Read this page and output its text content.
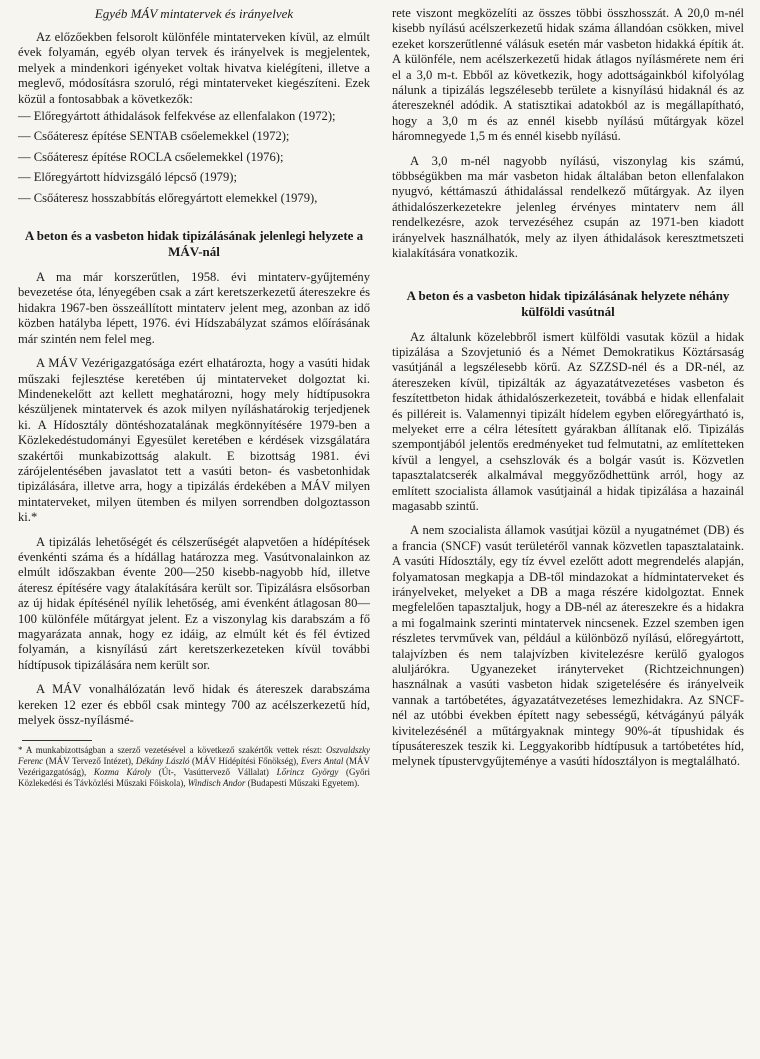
Egyéb MÁV mintatervek és irányelvek

Az előzőekben felsorolt különféle mintaterveken kívül, az elmúlt évek folyamán, egyéb olyan tervek és irányelvek is megjelentek, melyek a mindenkori igényeket voltak hivatva kielégíteni, illetve a meglevő, módosításra szoruló, régi mintaterveket kiegészíteni. Ezek közül a fontosabbak a következők:

— Előregyártott áthidalások felfekvése az ellenfalakon (1972);
— Csőáteresz építése SENTAB csőelemekkel (1972);
— Csőáteresz építése ROCLA csőelemekkel (1976);
— Előregyártott hídvizsgáló lépcső (1979);
— Csőáteresz hosszabbítás előregyártott elemekkel (1979),
A beton és a vasbeton hidak tipizálásának jelenlegi helyzete a MÁV-nál

A ma már korszerűtlen, 1958. évi mintaterv-gyűjtemény bevezetése óta, lényegében csak a zárt keretszerkezetű átereszekre és hidakra 1967-ben összeállított mintaterv jelent meg, azonban az idő közben hatályba lépett, 1976. évi Hídszabályzat számos előírásának már szintén nem felel meg.

A MÁV Vezérigazgatósága ezért elhatározta, hogy a vasúti hidak műszaki fejlesztése keretében új mintaterveket dolgoztat ki. Mindenekelőtt azt kellett meghatározni, hogy mely hídtípusokra készüljenek mintatervek és azok milyen nyíláshatárokig terjedjenek ki. A Hídosztály döntéshozatalának megkönnyítésére 1979-ben a Közlekedéstudományi Egyesület keretében e kérdések vizsgálatára szakértői munkabizottság alakult. E bizottság 1981. évi zárójelentésében javaslatot tett a vasúti beton- és vasbetonhidak tipizálására, illetve arra, hogy a tipizálás érdekében a MÁV milyen mintaterveket, milyen ütemben és milyen sorrendben dolgoztasson ki.*

A tipizálás lehetőségét és célszerűségét alapvetően a hídépítések évenkénti száma és a hídállag határozza meg. Vasútvonalainkon az elmúlt időszakban évente 200—250 kisebb-nagyobb híd, illetve áteresz építésére vagy átalakítására került sor. Tipizálásra elsősorban az új hidak építésénél nyílik lehetőség, ami évenként átlagosan 80—100 különféle műtárgyat jelent. Ez a viszonylag kis darabszám a fő magyarázata annak, hogy ez idáig, az elmúlt két és fél évtized folyamán, a kisnyílású zárt keretszerkezeteken kívül további hídtípusok tipizálására nem került sor.

A MÁV vonalhálózatán levő hidak és átereszek darabszáma kereken 12 ezer és ebből csak mintegy 700 az acélszerkezetű híd, melyek össz-nyílásmé-

* A munkabizottságban a szerző vezetésével a következő szakértők vettek részt: Oszvaldszky Ferenc (MÁV Tervező Intézet), Dékány László (MÁV Hídépítési Főnökség), Evers Antal (MÁV Vezérigazgatóság), Kozma Károly (Út-, Vasúttervező Vállalat) Lőrincz György (Győri Közlekedési és Távközlési Műszaki Főiskola), Windisch Andor (Budapesti Műszaki Egyetem).

rete viszont megközelíti az összes többi összhosszát. A 20,0 m-nél kisebb nyílású acélszerkezetű hidak száma állandóan csökken, mivel ezeket korszerűtlenné válásuk esetén már vasbeton hidakká építik át. A különféle, nem acélszerkezetű hidak átlagos nyílásmérete nem éri el a 3,0 m-t. Ebből az következik, hogy adottságainkból kifolyólag nálunk a tipizálás legszélesebb területe a kisnyílású hidaknál és az átereszeknél adódik. A statisztikai adatokból az is megállapítható, hogy a 3,0 m és az ennél kisebb nyílású műtárgyak közel háromnegyede 1,5 m és ennél kisebb nyílású.

A 3,0 m-nél nagyobb nyílású, viszonylag kis számú, többségükben ma már vasbeton hidak általában beton ellenfalakon nyugvó, kéttámaszú áthidalással rendelkező műtárgyak. Az ilyen áthidalószerkezetekre jelenleg érvényes mintaterv nem áll rendelkezésre, azok tervezéséhez csupán az 1971-ben kiadott irányelvek használhatók, mely az ilyen áthidalások keresztmetszeti kialakítására vonatkozik.

A beton és a vasbeton hidak tipizálásának helyzete néhány külföldi vasútnál

Az általunk közelebbről ismert külföldi vasutak közül a hidak tipizálása a Szovjetunió és a Német Demokratikus Köztársaság vasútjánál a legszélesebb körű. Az SZZSD-nél és a DR-nél, az átereszeken kívül, tipizálták az ágyazatátvezetéses vasbeton és feszítettbeton hidak áthidalószerkezeteit, továbbá e hidak ellenfalait és pilléreit is. Valamennyi tipizált hídelem egyben előregyártható is, melyeket erre a célra létesített gyárakban állítanak elő. Tipizálás szempontjából jelentős eredményeket tud felmutatni, az említetteken kívül a lengyel, a csehszlovák és a bolgár vasút is. Közvetlen tapasztalatcserék alkalmával meggyőződhettünk arról, hogy az említett szocialista államok vasútjainál a hidak tipizálása a hazainál magasabb szintű.

A nem szocialista államok vasútjai közül a nyugatnémet (DB) és a francia (SNCF) vasút területéről vannak közvetlen tapasztalataink. A vasúti Hídosztály, egy tíz évvel ezelőtt adott megrendelés alapján, folyamatosan megkapja a DB-től mindazokat a hídmintaterveket és irányelveket, melyeket a DB a maga részére kidolgoztat. Ennek megfelelően tapasztaljuk, hogy a DB-nél az átereszekre és a hidakra a mi fogalmaink szerinti mintatervek nincsenek. Ezzel szemben igen részletes tervművek van, például a különböző nyílású, előregyártott, talajvízben és nem talajvízben kivitelezésre kerülő gyalogos aluljárókra. Ugyanezeket irányterveket (Richtzeichnungen) használnak a vasúti vasbeton hidak szigetelésére és irányelveik vannak a tartóbetétes, ágyazatátvezetéses lemezhidakra. Az SNCF-nél az utóbbi években épített nagy sebességű, kétvágányú pályák kivitelezésénél a műtárgyaknak mintegy 90%-át típushidak és típusátereszek teszik ki. Leggyakoribb hídtípusuk a tartóbetétes híd, melynek típustervgyűjteménye a vasúti hídosztályon is megtalálható.
